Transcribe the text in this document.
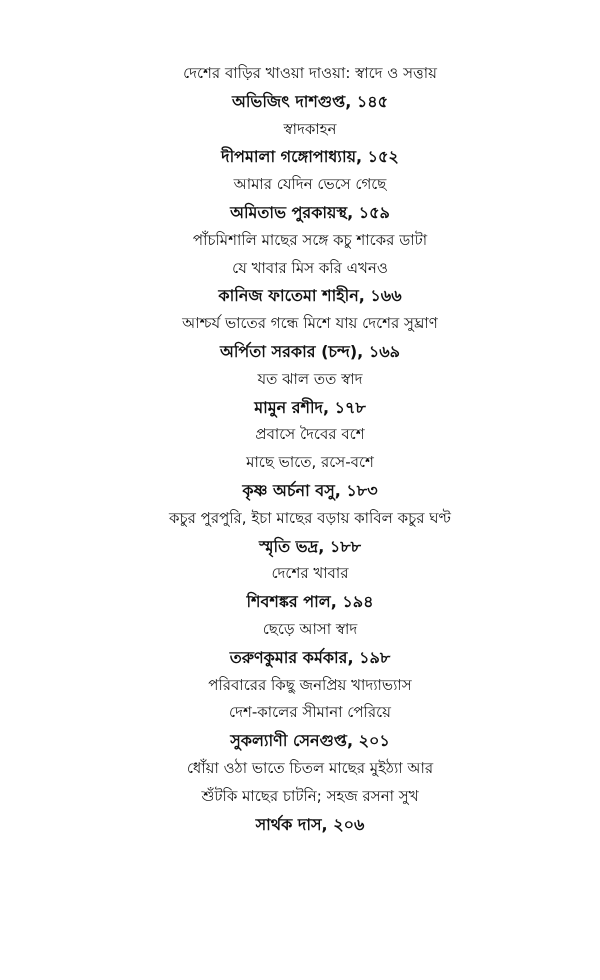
দেশের বাড়ির খাওয়া দাওয়া: স্বাদে ও সত্তায়
অভিজিৎ দাশগুপ্ত, ১৪৫
স্বাদকাহন
দীপমালা গঙ্গোপাধ্যায়, ১৫২
আমার যেদিন ভেসে গেছে
অমিতাভ পুরকায়স্থ, ১৫৯
পাঁচমিশালি মাছের সঙ্গে কচু শাকের ডাটা
যে খাবার মিস করি এখনও
কানিজ ফাতেমা শাহীন, ১৬৬
আশ্চর্য ভাতের গন্ধে মিশে যায় দেশের সুঘ্রাণ
অর্পিতা সরকার (চন্দ), ১৬৯
যত ঝাল তত স্বাদ
মামুন রশীদ, ১৭৮
প্রবাসে দৈবের বশে
মাছে ভাতে, রসে-বশে
কৃষ্ণ অর্চনা বসু, ১৮৩
কচুর পুরপুরি, ইচা মাছের বড়ায় কাবিল কচুর ঘণ্ট
স্মৃতি ভদ্র, ১৮৮
দেশের খাবার
শিবশঙ্কর পাল, ১৯৪
ছেড়ে আসা স্বাদ
তরুণকুমার কর্মকার, ১৯৮
পরিবারের কিছু জনপ্রিয় খাদ্যাভ্যাস
দেশ-কালের সীমানা পেরিয়ে
সুকল্যাণী সেনগুপ্ত, ২০১
ধোঁয়া ওঠা ভাতে চিতল মাছের মুইঠ্যা আর
শুঁটকি মাছের চাটনি; সহজ রসনা সুখ
সার্থক দাস, ২০৬
